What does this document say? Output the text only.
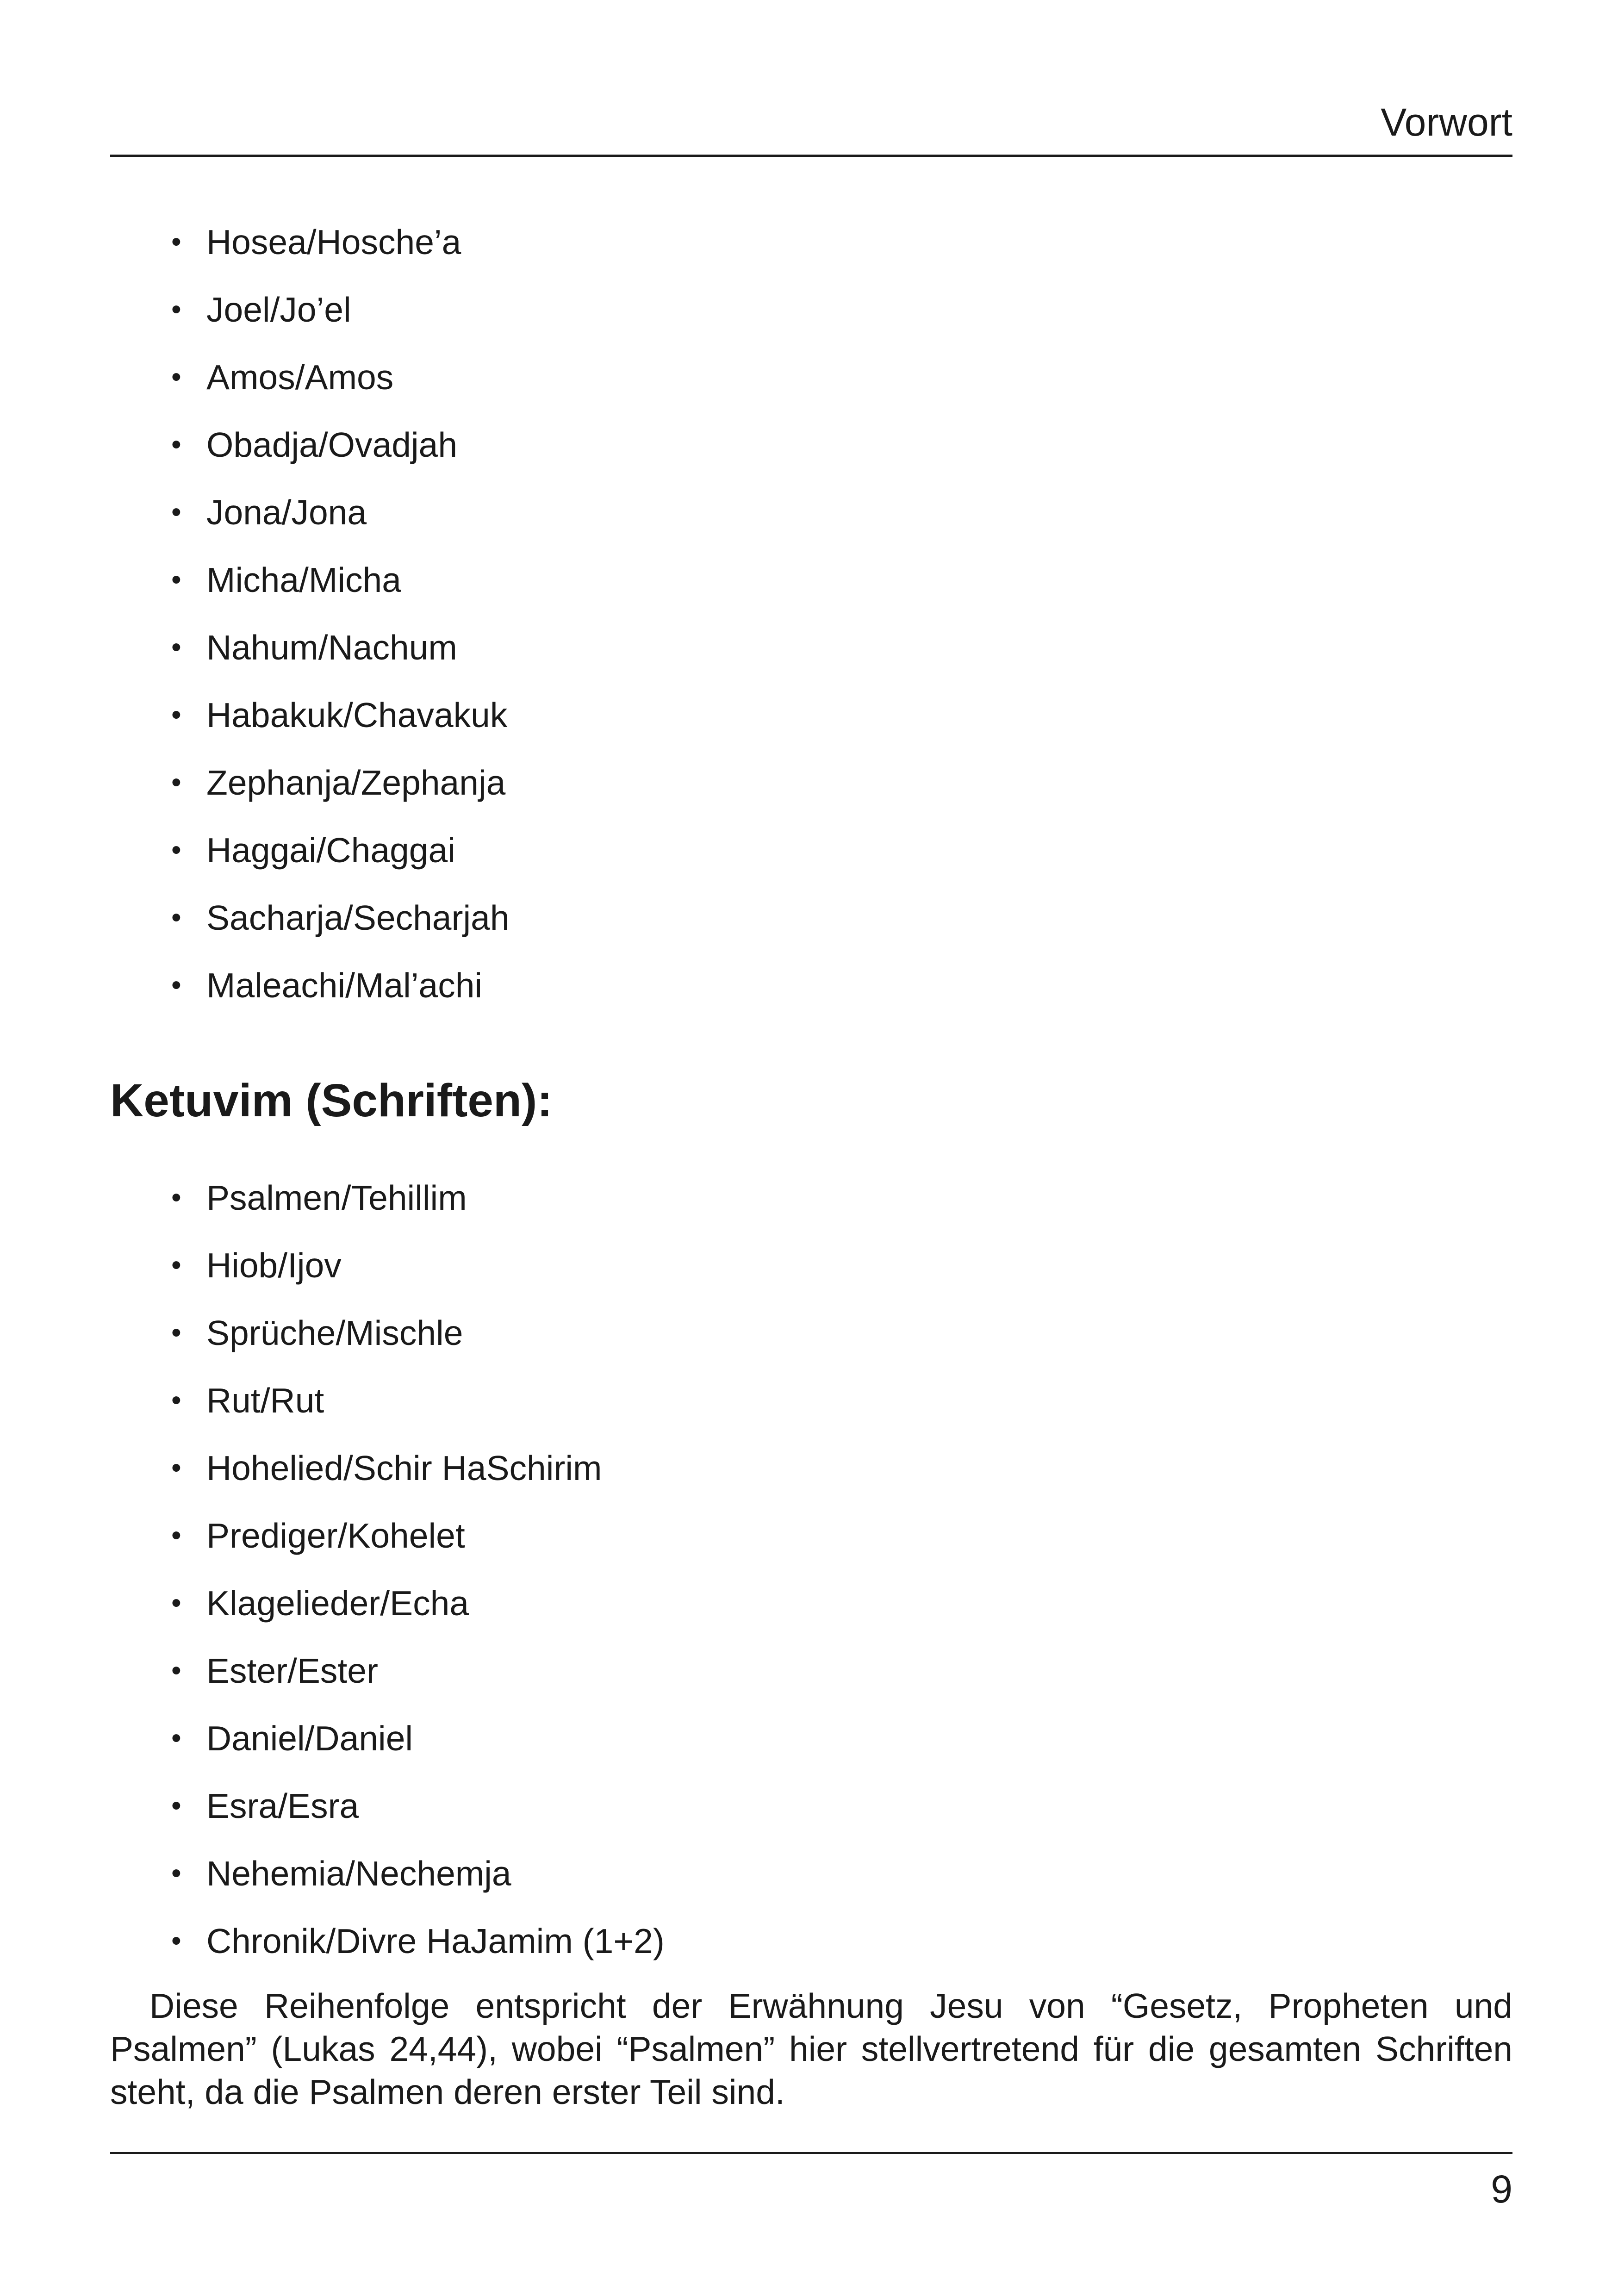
Vorwort
• Hosea/Hosche’a
• Joel/Jo’el
• Amos/Amos
• Obadja/Ovadjah
• Jona/Jona
• Micha/Micha
• Nahum/Nachum
• Habakuk/Chavakuk
• Zephanja/Zephanja
• Haggai/Chaggai
• Sacharja/Secharjah
• Maleachi/Mal’achi
Ketuvim (Schriften):
• Psalmen/Tehillim
• Hiob/Ijov
• Sprüche/Mischle
• Rut/Rut
• Hohelied/Schir HaSchirim
• Prediger/Kohelet
• Klagelieder/Echa
• Ester/Ester
• Daniel/Daniel
• Esra/Esra
• Nehemia/Nechemja
• Chronik/Divre HaJamim (1+2)

Diese Reihenfolge entspricht der Erwähnung Jesu von “Gesetz, Propheten und Psalmen” (Lukas 24,44), wobei “Psalmen” hier stellvertretend für die gesamten Schriften steht, da die Psalmen deren erster Teil sind.

9
